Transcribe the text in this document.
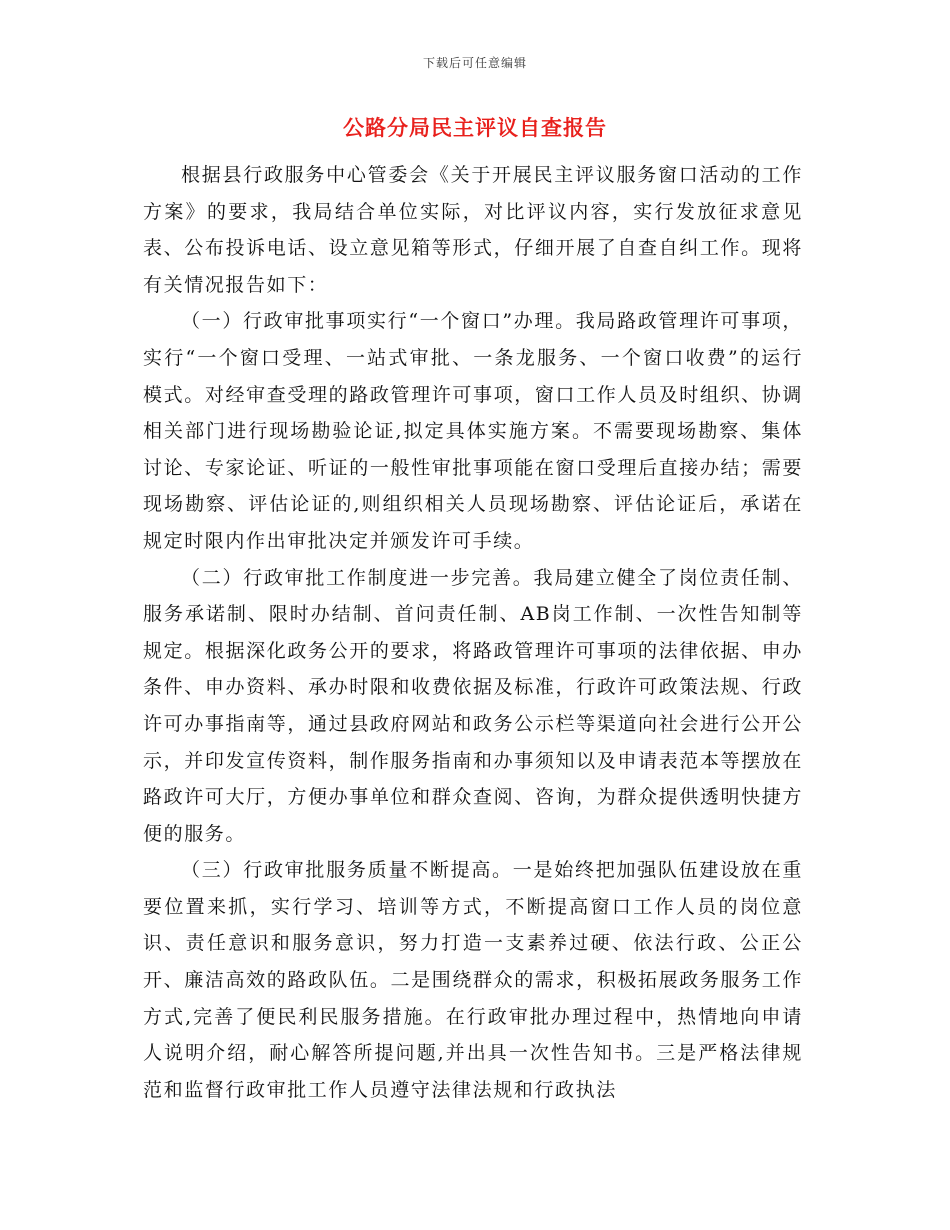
下载后可任意编辑
公路分局民主评议自查报告

根据县行政服务中心管委会《关于开展民主评议服务窗口活动的工作方案》的要求，我局结合单位实际，对比评议内容，实行发放征求意见表、公布投诉电话、设立意见箱等形式，仔细开展了自查自纠工作。现将有关情况报告如下：

（一）行政审批事项实行“一个窗口”办理。我局路政管理许可事项，实行“一个窗口受理、一站式审批、一条龙服务、一个窗口收费”的运行模式。对经审查受理的路政管理许可事项，窗口工作人员及时组织、协调相关部门进行现场勘验论证,拟定具体实施方案。不需要现场勘察、集体讨论、专家论证、听证的一般性审批事项能在窗口受理后直接办结；需要现场勘察、评估论证的,则组织相关人员现场勘察、评估论证后，承诺在规定时限内作出审批决定并颁发许可手续。

（二）行政审批工作制度进一步完善。我局建立健全了岗位责任制、服务承诺制、限时办结制、首问责任制、AB岗工作制、一次性告知制等规定。根据深化政务公开的要求，将路政管理许可事项的法律依据、申办条件、申办资料、承办时限和收费依据及标准，行政许可政策法规、行政许可办事指南等，通过县政府网站和政务公示栏等渠道向社会进行公开公示，并印发宣传资料，制作服务指南和办事须知以及申请表范本等摆放在路政许可大厅，方便办事单位和群众查阅、咨询，为群众提供透明快捷方便的服务。

（三）行政审批服务质量不断提高。一是始终把加强队伍建设放在重要位置来抓，实行学习、培训等方式，不断提高窗口工作人员的岗位意识、责任意识和服务意识，努力打造一支素养过硬、依法行政、公正公开、廉洁高效的路政队伍。二是围绕群众的需求，积极拓展政务服务工作方式,完善了便民利民服务措施。在行政审批办理过程中，热情地向申请人说明介绍，耐心解答所提问题,并出具一次性告知书。三是严格法律规范和监督行政审批工作人员遵守法律法规和行政执法
